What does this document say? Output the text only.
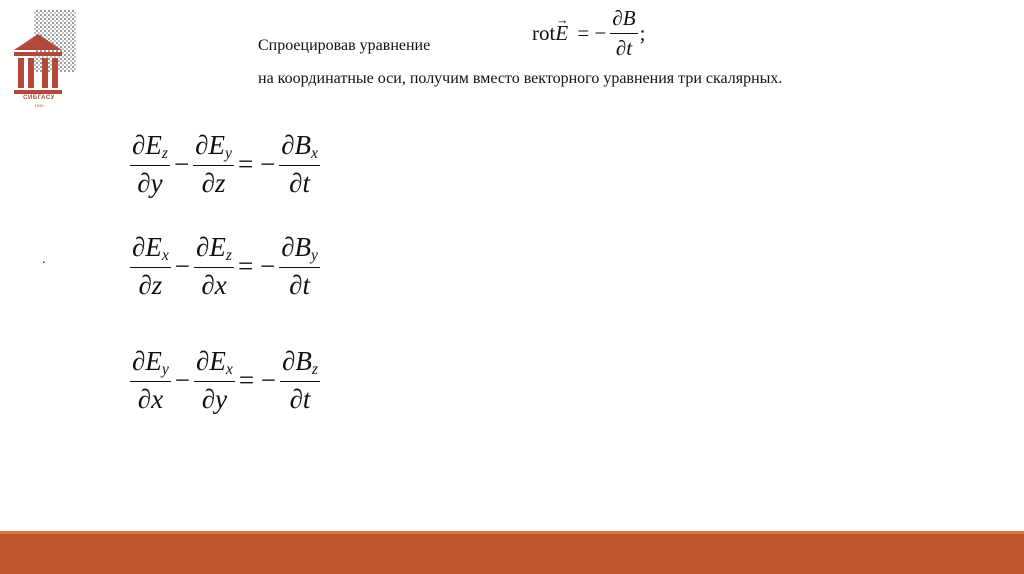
СИБГАСУ
1930
Спроецировав уравнение
на координатные оси, получим вместо векторного уравнения три скалярных.
rot→ E = − $\frac{\partial B}{\partial t}$ ;
$\frac{\partial E_z}{\partial y} - \frac{\partial E_y}{\partial z}$ = − $\frac{\partial B_x}{\partial t}$
$\frac{\partial E_x}{\partial z} - \frac{\partial E_z}{\partial x}$ = − $\frac{\partial B_y}{\partial t}$
$\frac{\partial E_y}{\partial x} - \frac{\partial E_x}{\partial y}$ = − $\frac{\partial B_z}{\partial t}$
.
